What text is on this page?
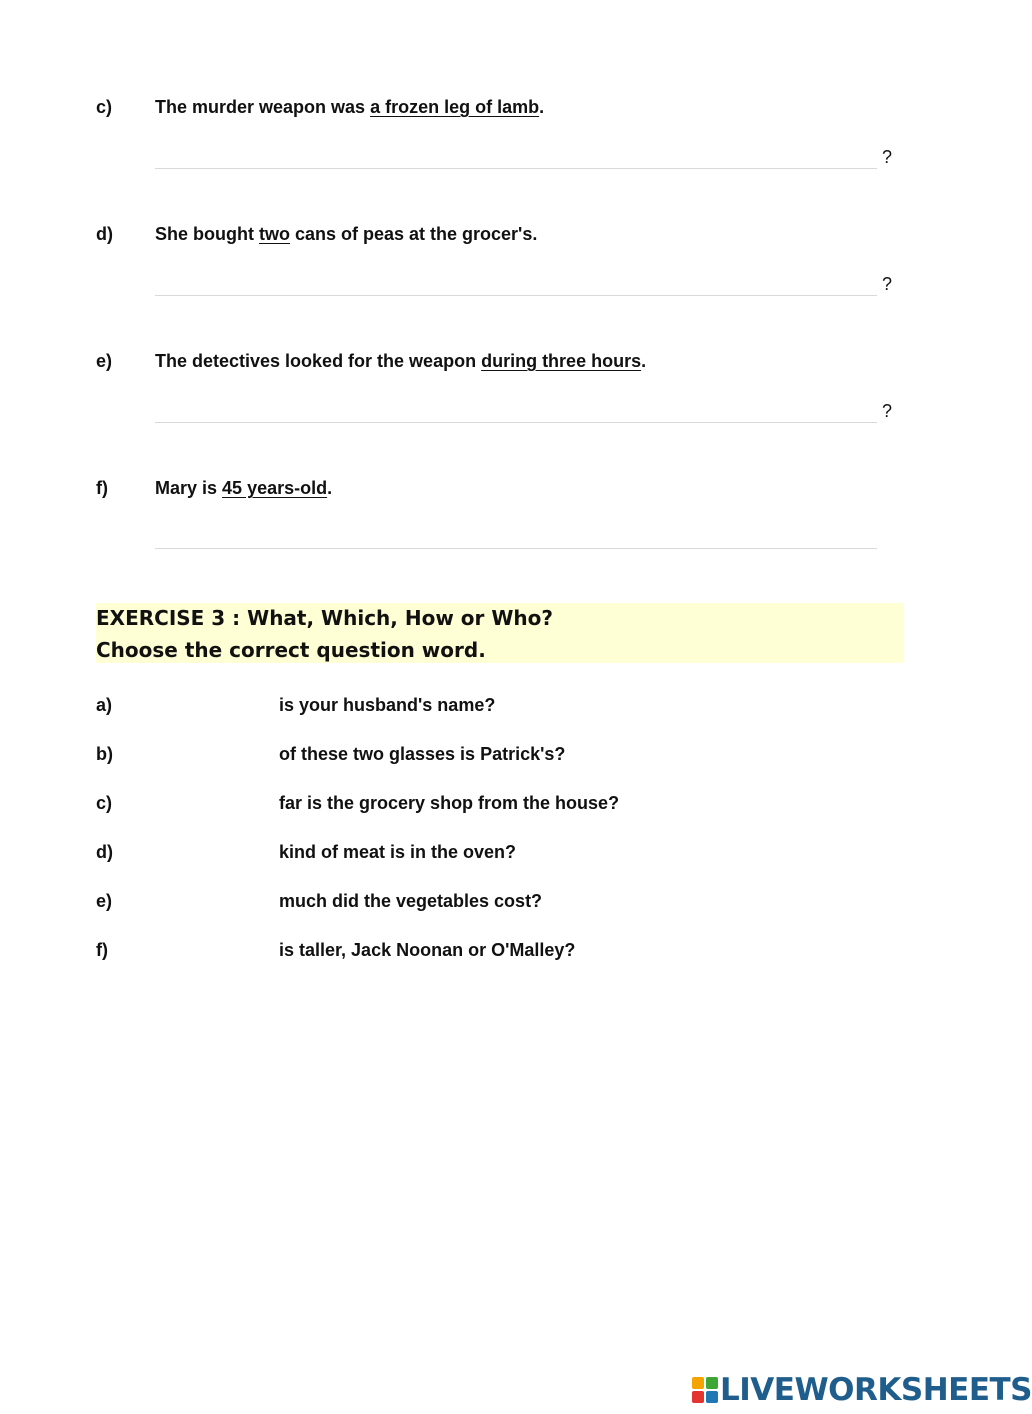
c) The murder weapon was a frozen leg of lamb.
?
d) She bought two cans of peas at the grocer's.
?
e) The detectives looked for the weapon during three hours.
?
f)	Mary is 45 years-old.
EXERCISE 3 : What, Which, How or Who?
Choose the correct question word.
a)	is your husband's name?
b)	of these two glasses is Patrick's?
c)	far is the grocery shop from the house?
d)	kind of meat is in the oven?
e)	much did the vegetables cost?
f)	is taller, Jack Noonan or O'Malley?
LIVEWORKSHEETS
